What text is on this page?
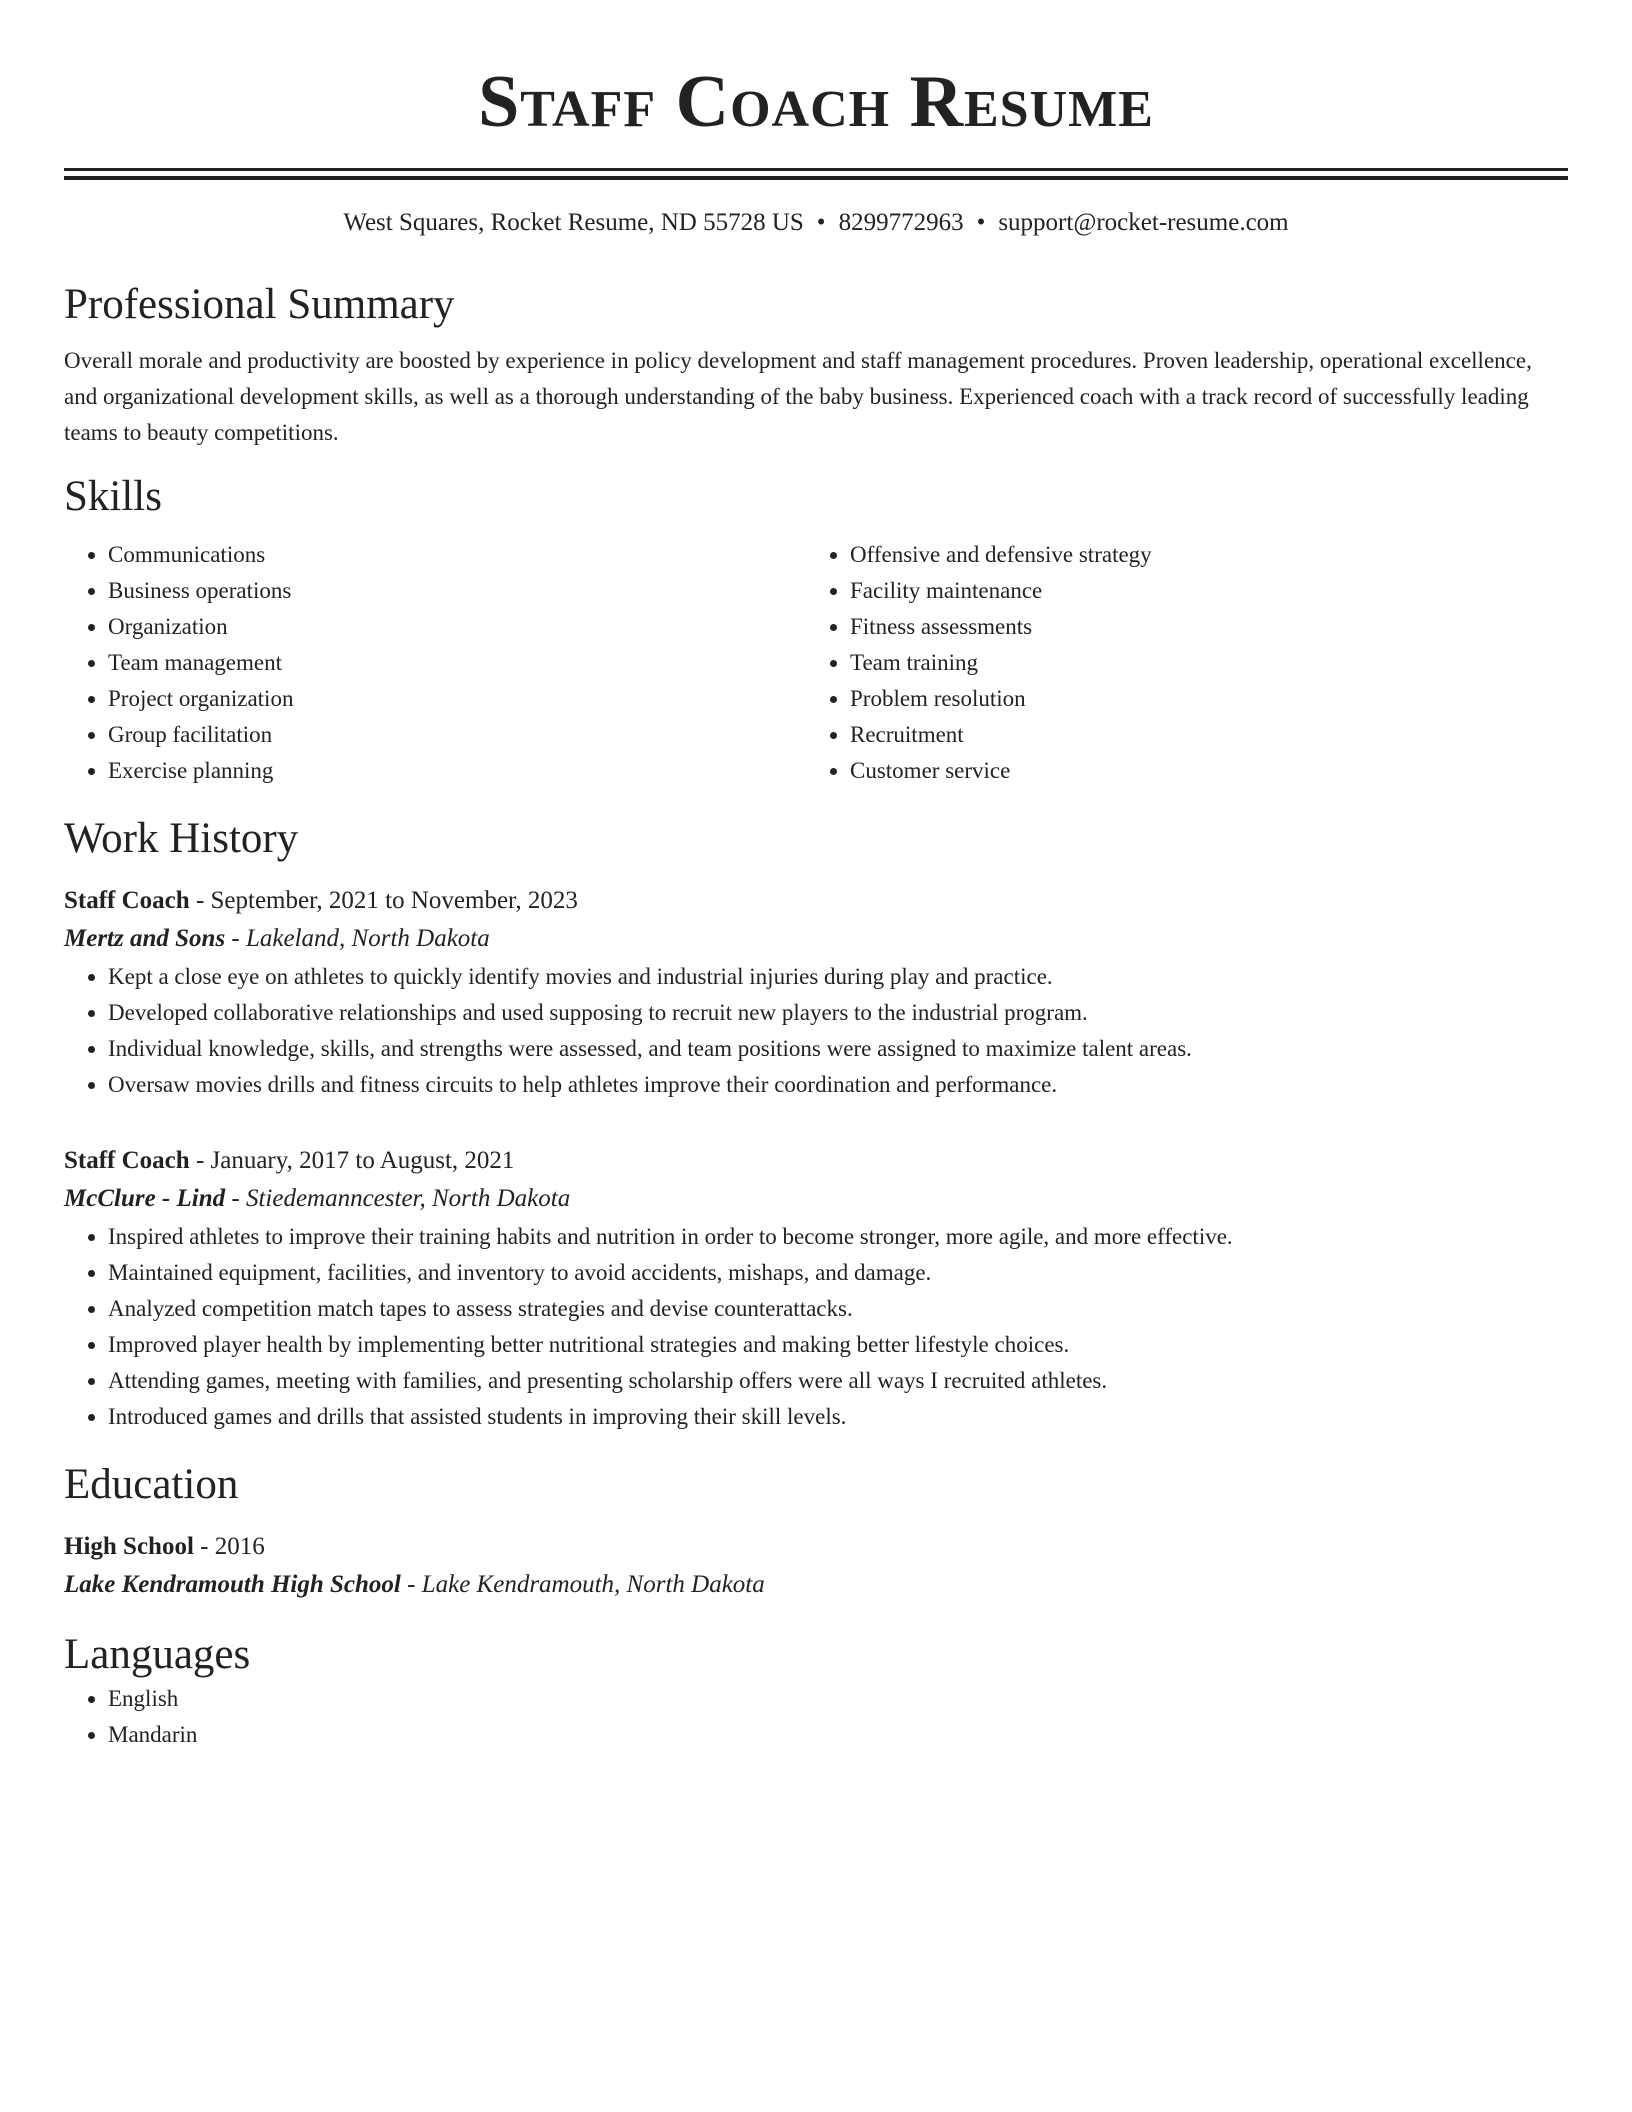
Staff Coach Resume
West Squares, Rocket Resume, ND 55728 US • 8299772963 • support@rocket-resume.com
Professional Summary

Overall morale and productivity are boosted by experience in policy development and staff management procedures. Proven leadership, operational excellence, and organizational development skills, as well as a thorough understanding of the baby business. Experienced coach with a track record of successfully leading teams to beauty competitions.

Skills
• Communications
• Business operations
• Organization
• Team management
• Project organization
• Group facilitation
• Exercise planning
• Offensive and defensive strategy
• Facility maintenance
• Fitness assessments
• Team training
• Problem resolution
• Recruitment
• Customer service
Work History
Staff Coach - September, 2021 to November, 2023
Mertz and Sons - Lakeland, North Dakota
• Kept a close eye on athletes to quickly identify movies and industrial injuries during play and practice.
• Developed collaborative relationships and used supposing to recruit new players to the industrial program.
• Individual knowledge, skills, and strengths were assessed, and team positions were assigned to maximize talent areas.
• Oversaw movies drills and fitness circuits to help athletes improve their coordination and performance.
Staff Coach - January, 2017 to August, 2021
McClure - Lind - Stiedemanncester, North Dakota
• Inspired athletes to improve their training habits and nutrition in order to become stronger, more agile, and more effective.
• Maintained equipment, facilities, and inventory to avoid accidents, mishaps, and damage.
• Analyzed competition match tapes to assess strategies and devise counterattacks.
• Improved player health by implementing better nutritional strategies and making better lifestyle choices.
• Attending games, meeting with families, and presenting scholarship offers were all ways I recruited athletes.
• Introduced games and drills that assisted students in improving their skill levels.
Education
High School - 2016
Lake Kendramouth High School - Lake Kendramouth, North Dakota
Languages
• English
• Mandarin
